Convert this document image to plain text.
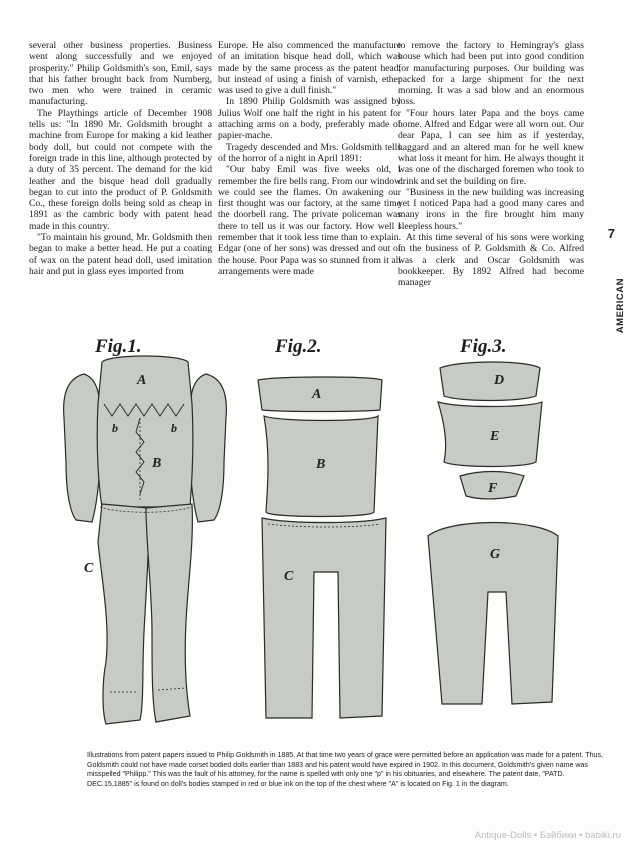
several other business properties. Business went along successfully and we enjoyed prosperity." Philip Goldsmith's son, Emil, says that his father brought back from Nurnberg, two men who were trained in ceramic manufacturing.

The Playthings article of December 1908 tells us: "In 1890 Mr. Goldsmith brought a machine from Europe for making a kid leather body doll, but could not compete with the foreign trade in this line, although protected by a duty of 35 percent. The demand for the kid leather and the bisque head doll gradually began to cut into the product of P. Goldsmith Co., these foreign dolls being sold as cheap in 1891 as the cambric body with patent head made in this country.

"To maintain his ground, Mr. Goldsmith then began to make a better head. He put a coating of wax on the patent head doll, used imitation hair and put in glass eyes imported from

Europe. He also commenced the manufacture of an imitation bisque head doll, which was made by the same process as the patent head, but instead of using a finish of varnish, ether was used to give a dull finish."

In 1890 Philip Goldsmith was assigned by Julius Wolf one half the right in his patent for attaching arms on a body, preferably made of papier-mache.

Tragedy descended and Mrs. Goldsmith tells of the horror of a night in April 1891:

"Our baby Emil was five weeks old, I remember the fire bells rang. From our window we could see the flames. On awakening our first thought was our factory, at the same time the doorbell rang. The private policeman was there to tell us it was our factory. How well I remember that it took less time than to explain. Edgar (one of her sons) was dressed and out of the house. Poor Papa was so stunned from it all arrangements were made

to remove the factory to Hemingray's glass house which had been put into good condition for manufacturing purposes. Our building was packed for a large shipment for the next morning. It was a sad blow and an enormous loss.

"Four hours later Papa and the boys came home. Alfred and Edgar were all worn out. Our dear Papa, I can see him as if yesterday, haggard and an altered man for he well knew what loss it meant for him. He always thought it was one of the discharged foremen who took to drink and set the building on fire.

"Business in the new building was increasing yet I noticed Papa had a good many cares and many irons in the fire brought him many sleepless hours."

At this time several of his sons were working in the business of P. Goldsmith & Co. Alfred was a clerk and Oscar Goldsmith was bookkeeper. By 1892 Alfred had become manager

7
AMERICAN
Fig.1.	Fig.2.	Fig.3.
A
b	b
B
C
A
B
C
D
E
F
G
Illustrations from patent papers issued to Philip Goldsmith in 1885. At that time two years of grace were permitted before an application was made for a patent. Thus, Goldsmith could not have made corset bodied dolls earlier than 1883 and his patent would have expired in 1902. In this document, Goldsmith's given name was misspelled "Philipp." This was the fault of his attorney, for the name is spelled with only one "p" in his obituaries, and elsewhere. The patent date, "PATD. DEC.15,1885" is found on doll's bodies stamped in red or blue ink on the top of the chest where "A" is located on Fig. 1 in the diagram.
Antique-Dolls • Бэйбики • babiki.ru
